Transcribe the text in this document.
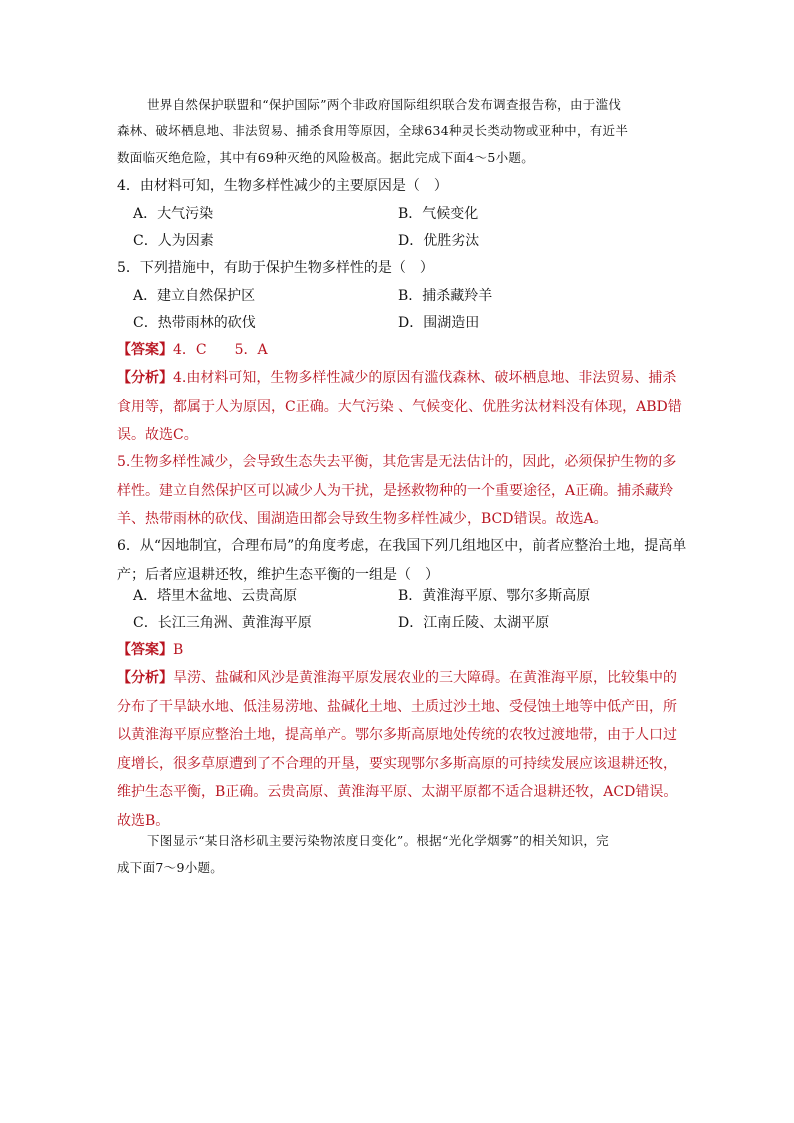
世界自然保护联盟和“保护国际”两个非政府国际组织联合发布调查报告称，由于滥伐
森林、破坏栖息地、非法贸易、捕杀食用等原因，全球634种灵长类动物或亚种中，有近半
数面临灭绝危险，其中有69种灭绝的风险极高。据此完成下面4～5小题。
4．由材料可知，生物多样性减少的主要原因是（　）
A．大气污染	B．气候变化
C．人为因素	D．优胜劣汰
5．下列措施中，有助于保护生物多样性的是（　）
A．建立自然保护区	B．捕杀藏羚羊
C．热带雨林的砍伐	D．围湖造田
【答案】4．C　　5．A
【分析】4.由材料可知，生物多样性减少的原因有滥伐森林、破坏栖息地、非法贸易、捕杀食用等，都属于人为原因，C正确。大气污染 、气候变化、优胜劣汰材料没有体现，ABD错误。故选C。
5.生物多样性减少，会导致生态失去平衡，其危害是无法估计的，因此，必须保护生物的多样性。建立自然保护区可以减少人为干扰，是拯救物种的一个重要途径，A正确。捕杀藏羚羊、热带雨林的砍伐、围湖造田都会导致生物多样性减少，BCD错误。故选A。
6．从“因地制宜，合理布局”的角度考虑，在我国下列几组地区中，前者应整治土地，提高单产；后者应退耕还牧，维护生态平衡的一组是（　）
A．塔里木盆地、云贵高原	B．黄淮海平原、鄂尔多斯高原
C．长江三角洲、黄淮海平原	D．江南丘陵、太湖平原
【答案】B
【分析】旱涝、盐碱和风沙是黄淮海平原发展农业的三大障碍。在黄淮海平原，比较集中的分布了干旱缺水地、低洼易涝地、盐碱化土地、土质过沙土地、受侵蚀土地等中低产田，所以黄淮海平原应整治土地，提高单产。鄂尔多斯高原地处传统的农牧过渡地带，由于人口过度增长，很多草原遭到了不合理的开垦，要实现鄂尔多斯高原的可持续发展应该退耕还牧，维护生态平衡，B正确。云贵高原、黄淮海平原、太湖平原都不适合退耕还牧，ACD错误。故选B。
下图显示“某日洛杉矶主要污染物浓度日变化”。根据“光化学烟雾”的相关知识，完
成下面7～9小题。
